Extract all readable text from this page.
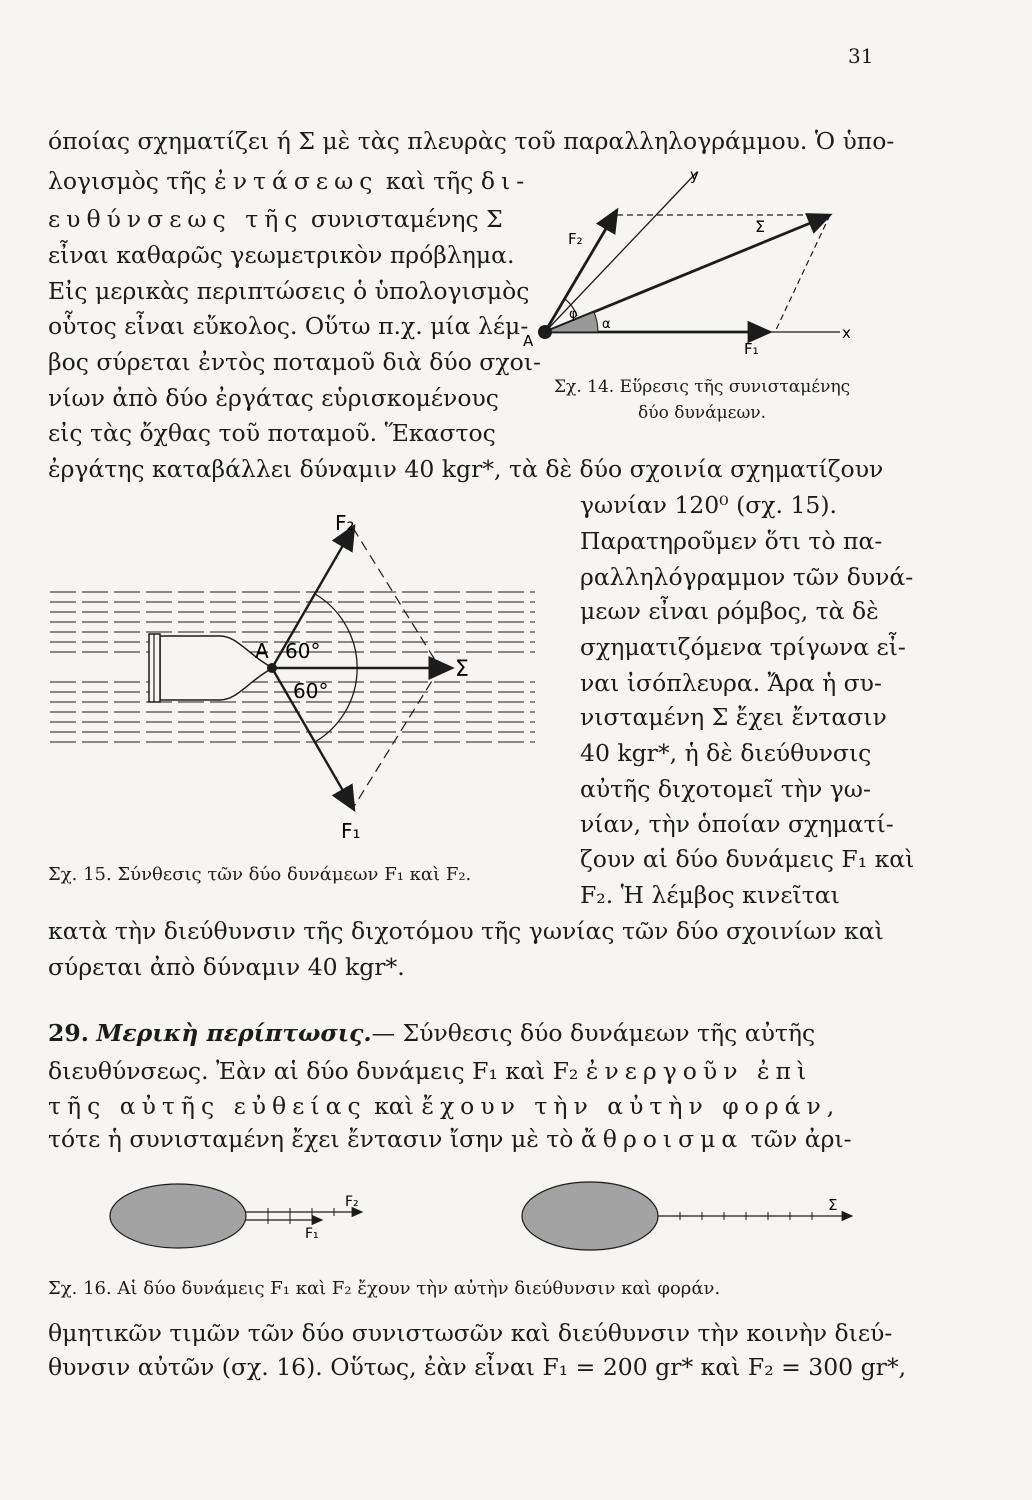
31
όποίας σχηματίζει ή Σ μὲ τὰς πλευρὰς τοῦ παραλληλογράμμου. Ὁ ὑπο-
λογισμὸς τῆς ἐντάσεως καὶ τῆς δι-
ευθύνσεως τῆς συνισταμένης Σ
εἶναι καθαρῶς γεωμετρικὸν πρόβλημα.
Εἰς μερικὰς περιπτώσεις ὁ ὑπολογισμὸς
οὗτος εἶναι εὔκολος. Οὕτω π.χ. μία λέμ-
βος σύρεται ἐντὸς ποταμοῦ διὰ δύο σχοι-
νίων ἀπὸ δύο ἐργάτας εὑρισκομένους
εἰς τὰς ὄχθας τοῦ ποταμοῦ. Ἕκαστος
ἐργάτης καταβάλλει δύναμιν 40 kgr*, τὰ δὲ δύο σχοινία σχηματίζουν
y
x
A	F₁
F₂
Σ
φ
α
Σχ. 14. Εὕρεσις τῆς συνισταμένης
δύο δυνάμεων.
γωνίαν 120⁰ (σχ. 15).
Παρατηροῦμεν ὅτι τὸ πα-
ραλληλόγραμμον τῶν δυνά-
μεων εἶναι ρόμβος, τὰ δὲ
σχηματιζόμενα τρίγωνα εἶ-
ναι ἰσόπλευρα. Ἄρα ἡ συ-
νισταμένη Σ ἔχει ἔντασιν
40 kgr*, ἡ δὲ διεύθυνσις
αὐτῆς διχοτομεῖ τὴν γω-
νίαν, τὴν ὁποίαν σχηματί-
ζουν αἱ δύο δυνάμεις F₁ καὶ
F₂. Ἡ λέμβος κινεῖται
A
F₂
F₁
Σ
60°
60°
Σχ. 15. Σύνθεσις τῶν δύο δυνάμεων F₁ καὶ F₂.
κατὰ τὴν διεύθυνσιν τῆς διχοτόμου τῆς γωνίας τῶν δύο σχοινίων καὶ
σύρεται ἀπὸ δύναμιν 40 kgr*.
29. Μερικὴ περίπτωσις.— Σύνθεσις δύο δυνάμεων τῆς αὐτῆς
διευθύνσεως. Ἐὰν αἱ δύο δυνάμεις F₁ καὶ F₂ ἐνεργοῦν ἐπὶ
τῆς αὐτῆς εὐθείας καὶ ἔχουν τὴν αὐτὴν φοράν,
τότε ἡ συνισταμένη ἔχει ἔντασιν ἴσην μὲ τὸ ἄθροισμα τῶν ἀρι-
F₂
F₁
Σ
Σχ. 16. Αἱ δύο δυνάμεις F₁ καὶ F₂ ἔχουν τὴν αὐτὴν διεύθυνσιν καὶ φοράν.
θμητικῶν τιμῶν τῶν δύο συνιστωσῶν καὶ διεύθυνσιν τὴν κοινὴν διεύ-
θυνσιν αὐτῶν (σχ. 16). Οὕτως, ἐὰν εἶναι F₁ = 200 gr* καὶ F₂ = 300 gr*,
